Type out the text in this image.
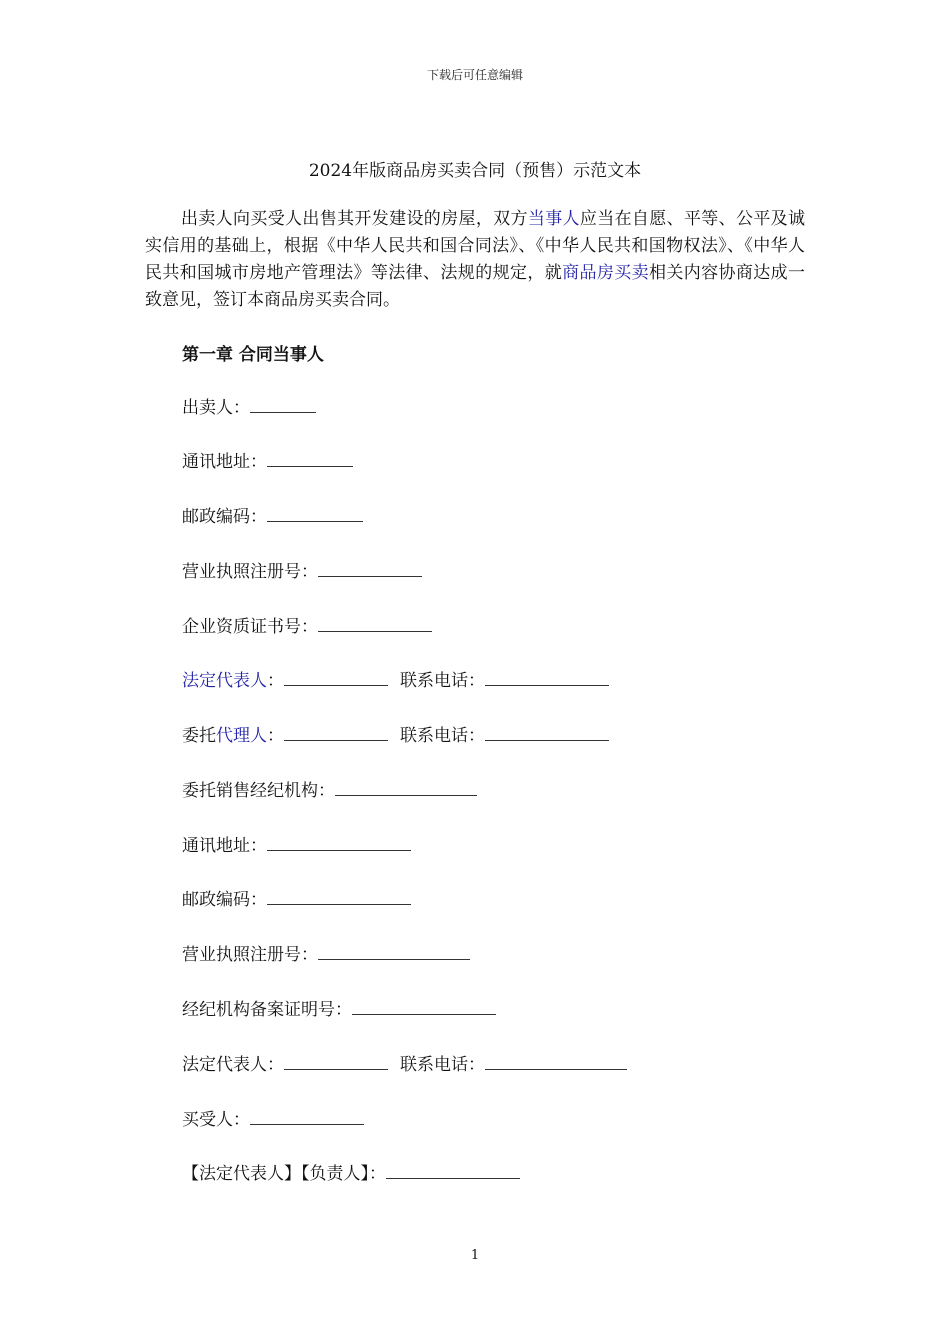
下载后可任意编辑
2024年版商品房买卖合同（预售）示范文本
出卖人向买受人出售其开发建设的房屋，双方当事人应当在自愿、平等、公平及诚实信用的基础上，根据《中华人民共和国合同法》、《中华人民共和国物权法》、《中华人民共和国城市房地产管理法》等法律、法规的规定，就商品房买卖相关内容协商达成一致意见，签订本商品房买卖合同。
第一章 合同当事人
出卖人：
通讯地址：
邮政编码：
营业执照注册号：
企业资质证书号：
法定代表人：	联系电话：
委托代理人：	联系电话：
委托销售经纪机构：
通讯地址：
邮政编码：
营业执照注册号：
经纪机构备案证明号：
法定代表人：	联系电话：
买受人：
【法定代表人】【负责人】：
1
